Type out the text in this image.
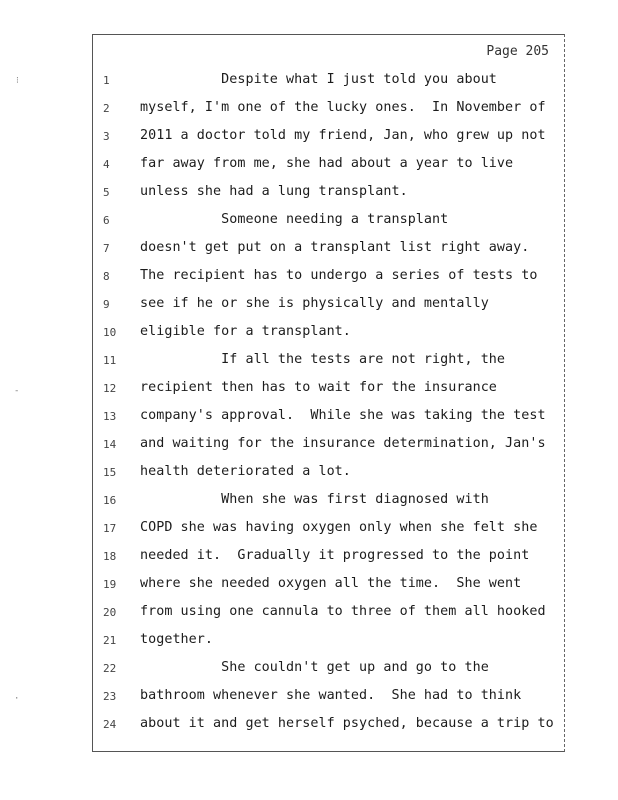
⁝
-
·
Page 205
1	Despite what I just told you about
2	myself, I'm one of the lucky ones.  In November of
3	2011 a doctor told my friend, Jan, who grew up not
4	far away from me, she had about a year to live
5	unless she had a lung transplant.
6	Someone needing a transplant
7	doesn't get put on a transplant list right away.
8	The recipient has to undergo a series of tests to
9	see if he or she is physically and mentally
10	eligible for a transplant.
11	If all the tests are not right, the
12	recipient then has to wait for the insurance
13	company's approval.  While she was taking the test
14	and waiting for the insurance determination, Jan's
15	health deteriorated a lot.
16	When she was first diagnosed with
17	COPD she was having oxygen only when she felt she
18	needed it.  Gradually it progressed to the point
19	where she needed oxygen all the time.  She went
20	from using one cannula to three of them all hooked
21	together.
22	She couldn't get up and go to the
23	bathroom whenever she wanted.  She had to think
24	about it and get herself psyched, because a trip to
